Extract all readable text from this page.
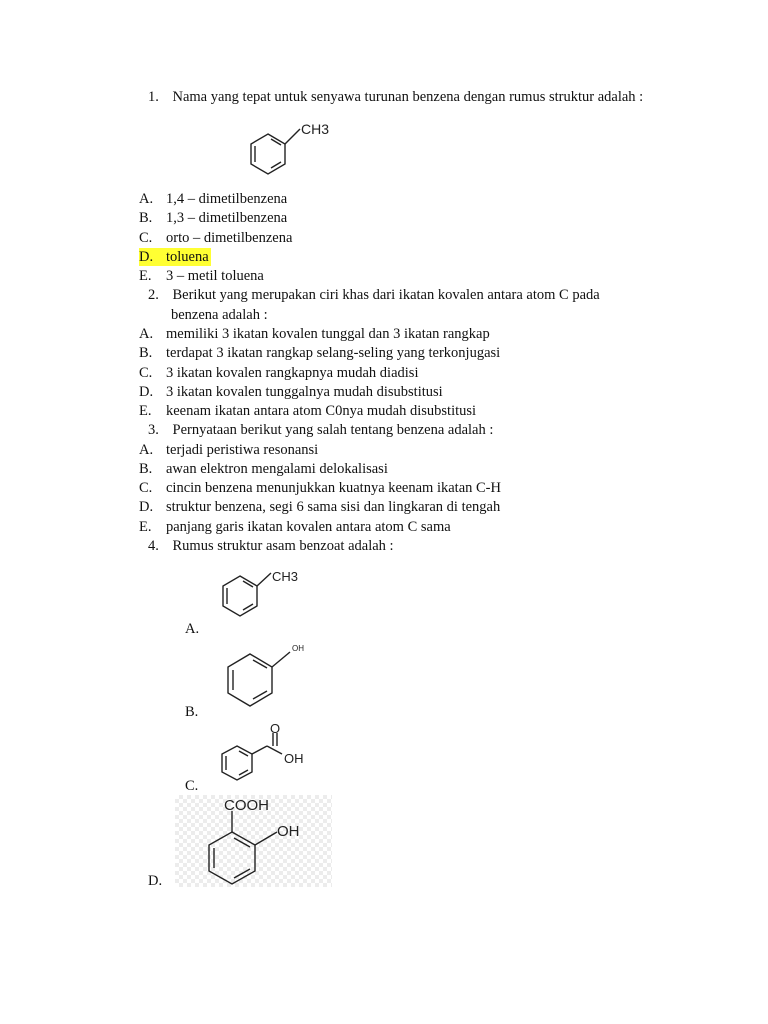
1. Nama yang tepat untuk senyawa turunan benzena dengan rumus struktur adalah :
CH3
A. 1,4 – dimetilbenzena
B. 1,3 – dimetilbenzena
C. orto – dimetilbenzena
D. toluena
E. 3 – metil toluena
2. Berikut yang merupakan ciri khas dari ikatan kovalen antara atom C pada
benzena adalah :
A. memiliki 3 ikatan kovalen tunggal dan 3 ikatan rangkap
B. terdapat 3 ikatan rangkap selang-seling yang terkonjugasi
C. 3 ikatan kovalen rangkapnya mudah diadisi
D. 3 ikatan kovalen tunggalnya mudah disubstitusi
E. keenam ikatan antara atom C0nya mudah disubstitusi
3. Pernyataan berikut yang salah tentang benzena adalah :
A. terjadi peristiwa resonansi
B. awan elektron mengalami delokalisasi
C. cincin benzena menunjukkan kuatnya keenam ikatan C-H
D. struktur benzena, segi 6 sama sisi dan lingkaran di tengah
E. panjang garis ikatan kovalen antara atom C sama
4. Rumus struktur asam benzoat adalah :
CH3
A.
OH
B.
O
OH
C.
COOH
OH
D.
